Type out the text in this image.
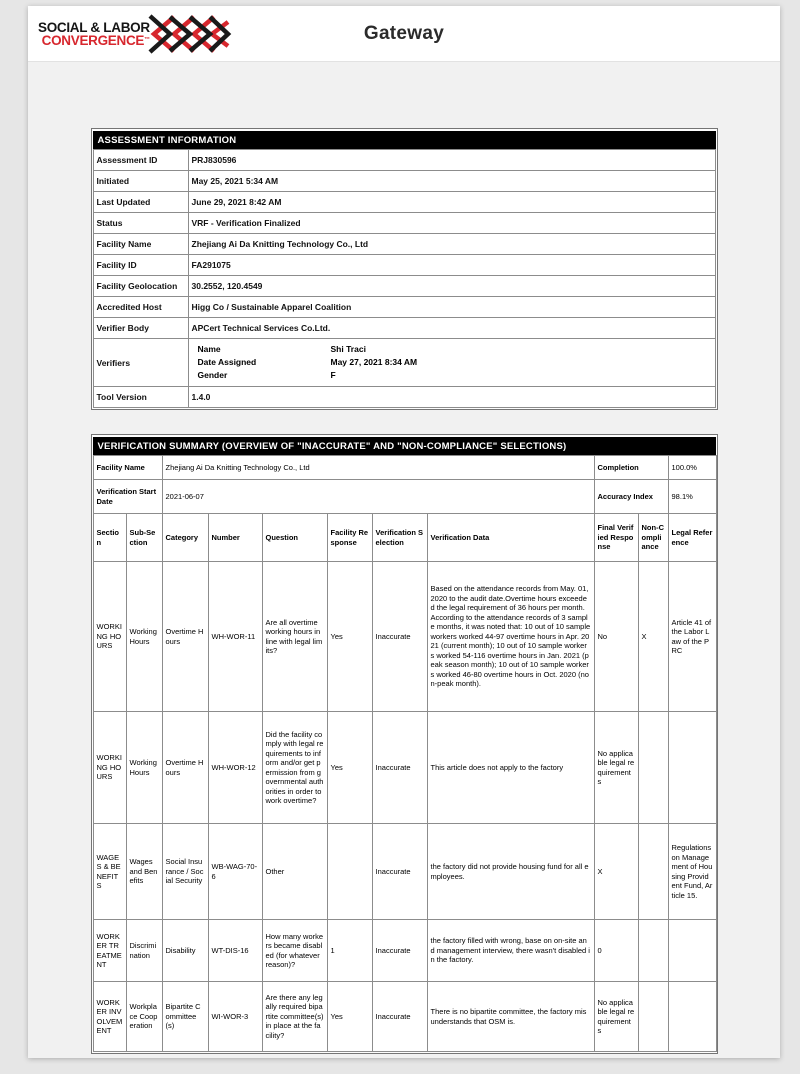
SOCIAL & LABOR
CONVERGENCE™	Gateway
ASSESSMENT INFORMATION
Assessment ID	PRJ830596
Initiated	May 25, 2021 5:34 AM
Last Updated	June 29, 2021 8:42 AM
Status	VRF - Verification Finalized
Facility Name	Zhejiang Ai Da Knitting Technology Co., Ltd
Facility ID	FA291075
Facility Geolocation	30.2552, 120.4549
Accredited Host	Higg Co / Sustainable Apparel Coalition
Verifier Body	APCert Technical Services Co.Ltd.
Verifiers	
Name	Shi Traci
Date Assigned	May 27, 2021 8:34 AM
Gender	F

Tool Version	1.4.0
VERIFICATION SUMMARY (OVERVIEW OF "INACCURATE" AND "NON-COMPLIANCE" SELECTIONS)
Facility Name		Zhejiang Ai Da Knitting Technology Co., Ltd						Completion		100.0%
Verification Start Date		2021-06-07						Accuracy Index		98.1%
Section	Sub-Section	Category	Number	Question	Facility Response	Verification Selection	Verification Data	Final Verified Response	Non-Compliance	Legal Reference
WORKING HOURS	Working Hours	Overtime Hours	WH-WOR-11	Are all overtime working hours in line with legal limits?	Yes	Inaccurate	Based on the attendance records from May. 01, 2020 to the audit date.Overtime hours exceeded the legal requirement of 36 hours per month. According to the attendance records of 3 sample months, it was noted that: 10 out of 10 sample workers worked 44-97 overtime hours in Apr. 2021 (current month); 10 out of 10 sample workers worked 54-116 overtime hours in Jan. 2021 (peak season month); 10 out of 10 sample workers worked 46-80 overtime hours in Oct. 2020 (non-peak month).	No	X	Article 41 of the Labor Law of the PRC
WORKING HOURS	Working Hours	Overtime Hours	WH-WOR-12	Did the facility comply with legal requirements to inform and/or get permission from governmental authorities in order to work overtime?	Yes	Inaccurate	This article does not apply to the factory	No applicable legal requirements		
WAGES & BENEFITS	Wages and Benefits	Social Insurance / Social Security	WB-WAG-70-6	Other		Inaccurate	the factory did not provide housing fund for all employees.	X		Regulations on Management of Housing Provident Fund, Article 15.
WORKER TREATMENT	Discrimination	Disability	WT-DIS-16	How many workers became disabled (for whatever reason)?	1	Inaccurate	the factory filled with wrong, base on on-site and management interview, there wasn't disabled in the factory.	0		
WORKER INVOLVEMENT	Workplace Cooperation	Bipartite Committee(s)	WI-WOR-3	Are there any legally required bipartite committee(s) in place at the facility?	Yes	Inaccurate	There is no bipartite committee, the factory misunderstands that OSM is.	No applicable legal requirements		
